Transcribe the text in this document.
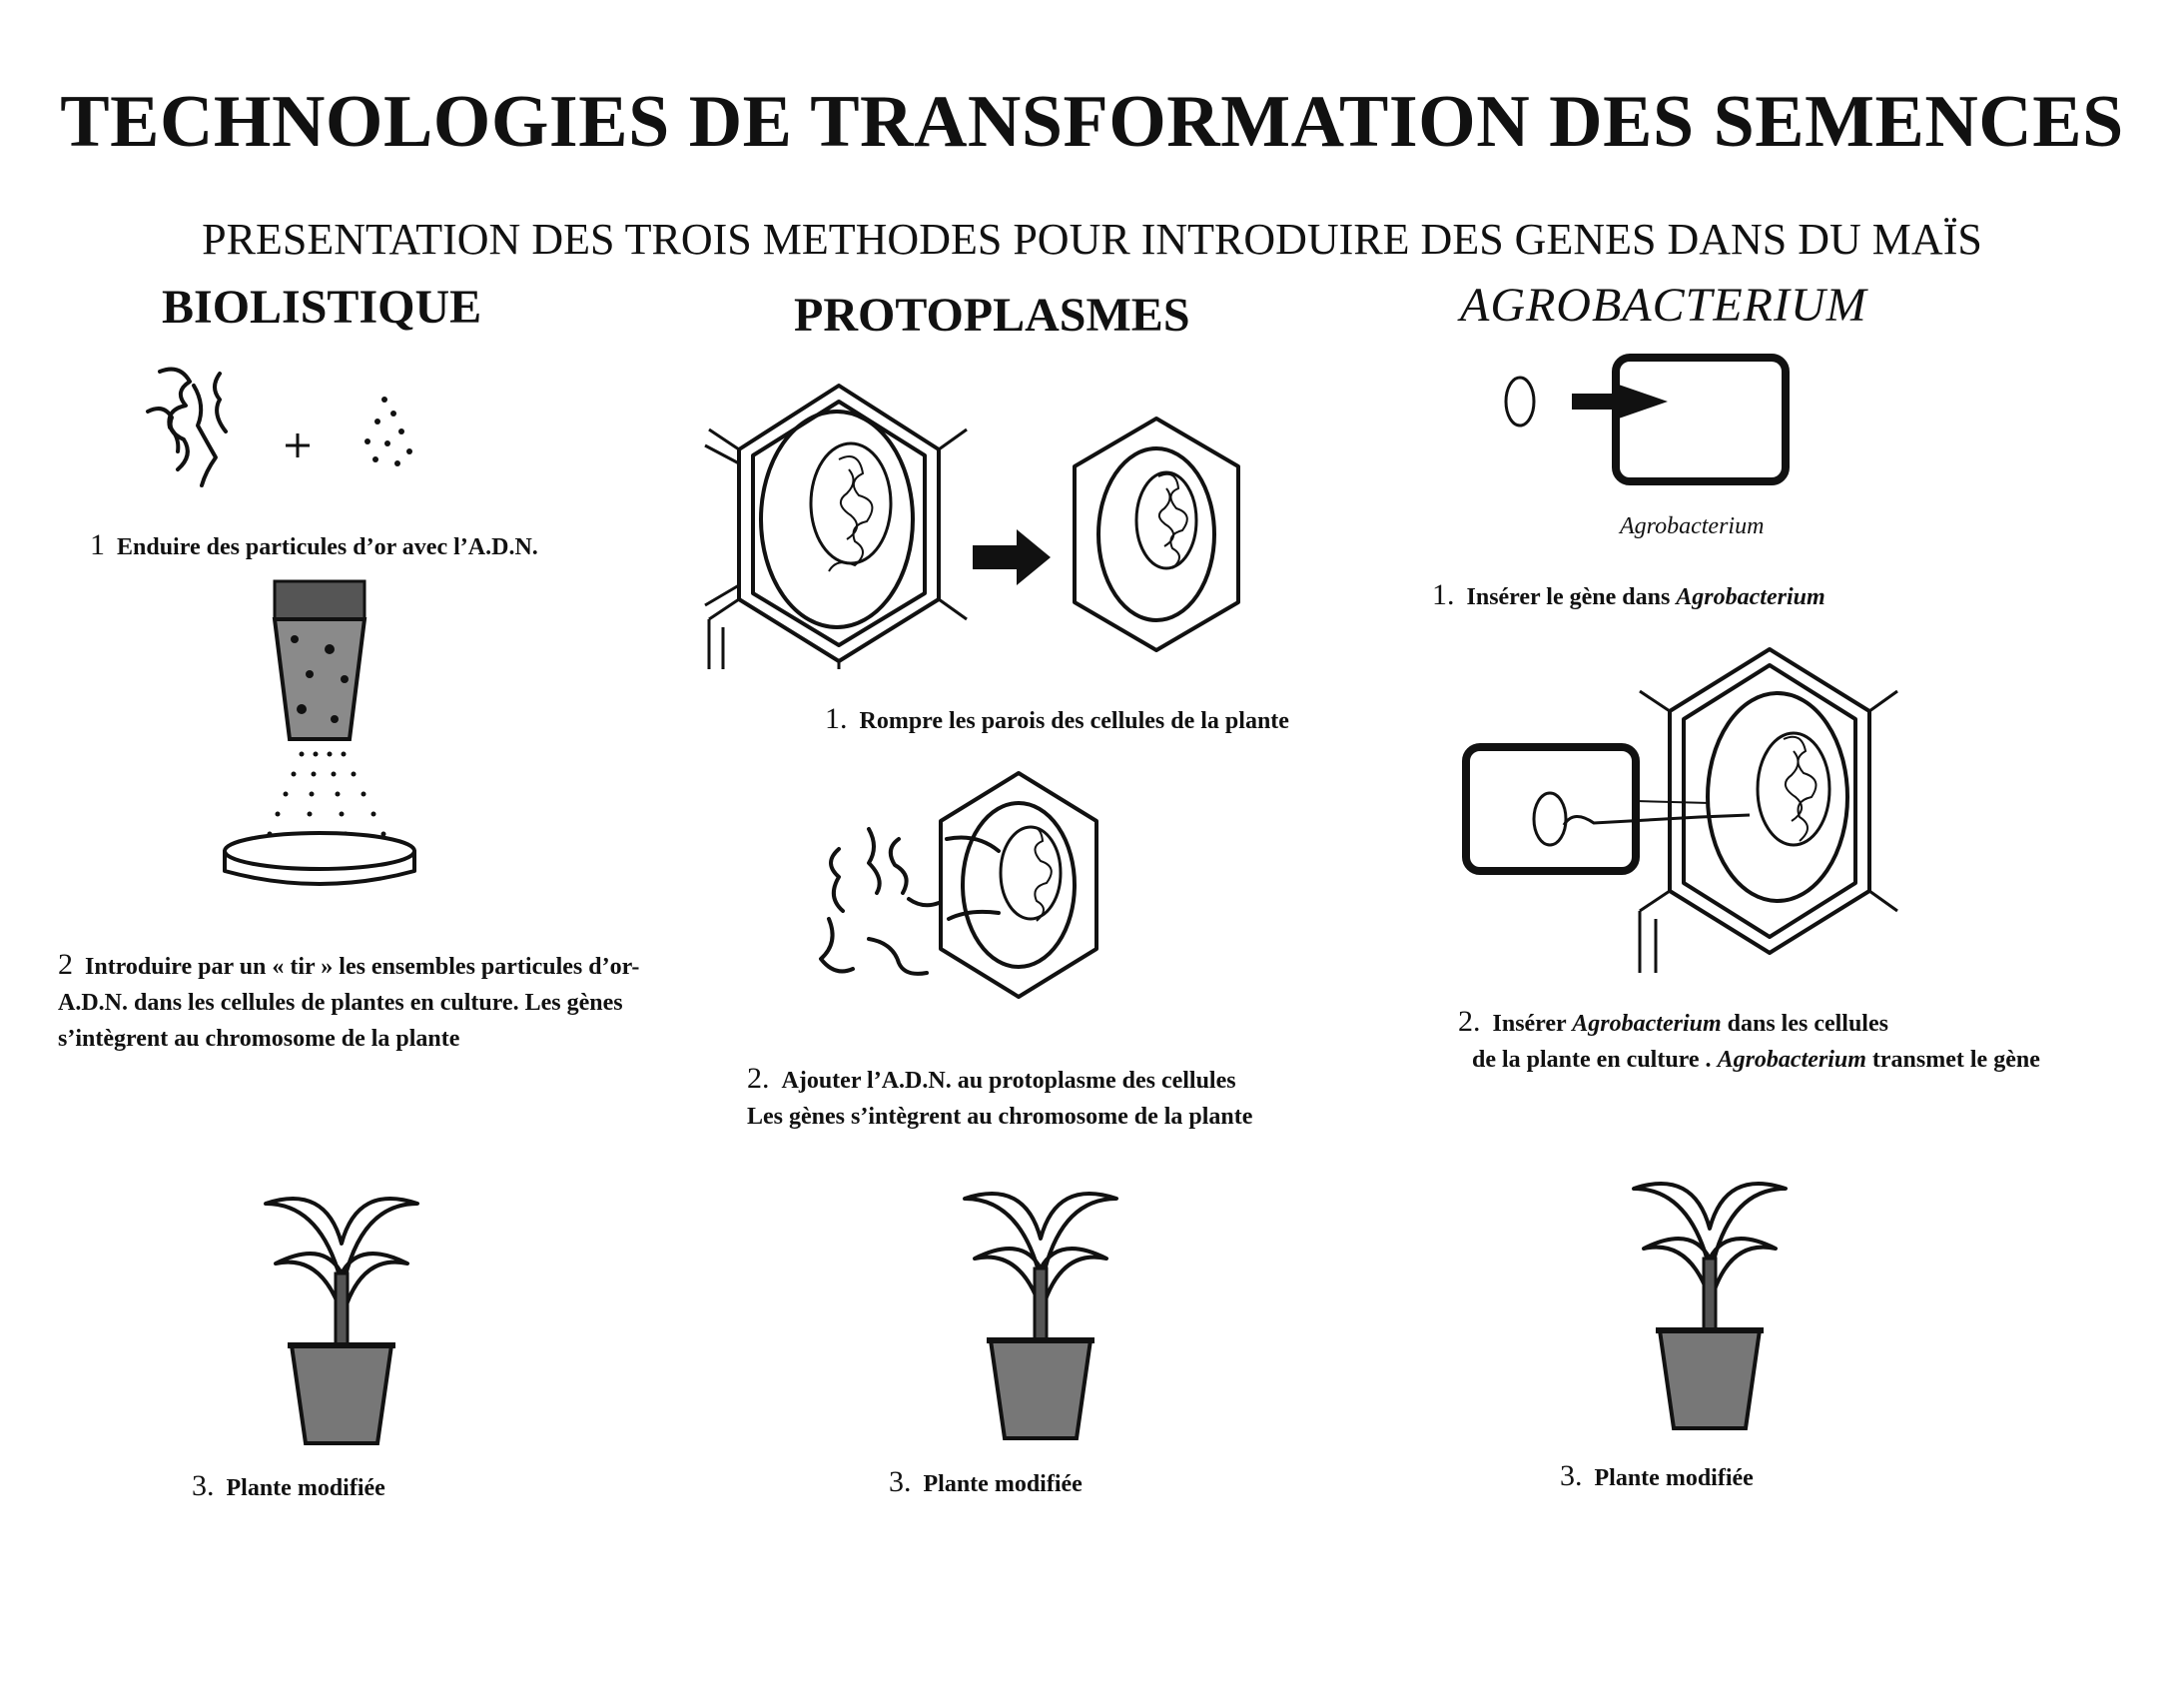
TECHNOLOGIES DE TRANSFORMATION DES SEMENCES
PRESENTATION DES TROIS METHODES POUR INTRODUIRE DES GENES DANS DU MAÏS
BIOLISTIQUE	PROTOPLASMES	AGROBACTERIUM
1 Enduire des particules d’or avec l’A.D.N.
2 Introduire par un « tir » les ensembles particules d’or-A.D.N. dans les cellules de plantes en culture. Les gènes s’intègrent au chromosome de la plante
1. Rompre les parois des cellules de la plante
2. Ajouter l’A.D.N. au protoplasme des cellules
Les gènes s’intègrent au chromosome de la plante
Agrobacterium
1. Insérer le gène dans Agrobacterium
2. Insérer Agrobacterium dans les cellules
de la plante en culture . Agrobacterium transmet le gène
3. Plante modifiée	3. Plante modifiée	3. Plante modifiée
